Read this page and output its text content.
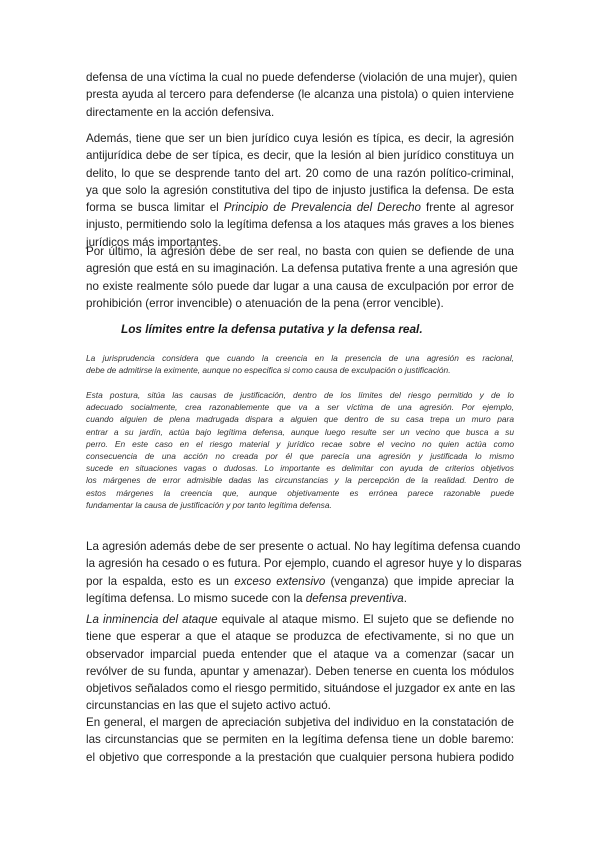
defensa de una víctima la cual no puede defenderse (violación de una mujer), quien
presta ayuda al tercero para defenderse (le alcanza una pistola) o quien interviene
directamente en la acción defensiva.
Además, tiene que ser un bien jurídico cuya lesión es típica, es decir, la agresión
antijurídica debe de ser típica, es decir, que la lesión al bien jurídico constituya un
delito, lo que se desprende tanto del art. 20 como de una razón político-criminal,
ya que solo la agresión constitutiva del tipo de injusto justifica la defensa. De esta
forma se busca limitar el Principio de Prevalencia del Derecho frente al agresor
injusto, permitiendo solo la legítima defensa a los ataques más graves a los bienes
jurídicos más importantes.
Por último, la agresión debe de ser real, no basta con quien se defiende de una
agresión que está en su imaginación. La defensa putativa frente a una agresión que
no existe realmente sólo puede dar lugar a una causa de exculpación por error de
prohibición (error invencible) o atenuación de la pena (error vencible).
Los límites entre la defensa putativa y la defensa real.
La jurisprudencia considera que cuando la creencia en la presencia de una agresión es racional,
debe de admitirse la eximente, aunque no especifica si como causa de exculpación o justificación.
Esta postura, sitúa las causas de justificación, dentro de los límites del riesgo permitido y de lo
adecuado socialmente, crea razonablemente que va a ser víctima de una agresión. Por ejemplo,
cuando alguien de plena madrugada dispara a alguien que dentro de su casa trepa un muro para
entrar a su jardín, actúa bajo legítima defensa, aunque luego resulte ser un vecino que busca a su
perro. En este caso en el riesgo material y jurídico recae sobre el vecino no quien actúa como
consecuencia de una acción no creada por él que parecía una agresión y justificada lo mismo
sucede en situaciones vagas o dudosas. Lo importante es delimitar con ayuda de criterios objetivos
los márgenes de error admisible dadas las circunstancias y la percepción de la realidad. Dentro de
estos márgenes la creencia que, aunque objetivamente es errónea parece razonable puede
fundamentar la causa de justificación y por tanto legítima defensa.
La agresión además debe de ser presente o actual. No hay legítima defensa cuando
la agresión ha cesado o es futura. Por ejemplo, cuando el agresor huye y lo disparas
por la espalda, esto es un exceso extensivo (venganza) que impide apreciar la
legítima defensa. Lo mismo sucede con la defensa preventiva.
La inminencia del ataque equivale al ataque mismo. El sujeto que se defiende no
tiene que esperar a que el ataque se produzca de efectivamente, si no que un
observador imparcial pueda entender que el ataque va a comenzar (sacar un
revólver de su funda, apuntar y amenazar). Deben tenerse en cuenta los módulos
objetivos señalados como el riesgo permitido, situándose el juzgador ex ante en las
circunstancias en las que el sujeto activo actuó.
En general, el margen de apreciación subjetiva del individuo en la constatación de
las circunstancias que se permiten en la legítima defensa tiene un doble baremo:
el objetivo que corresponde a la prestación que cualquier persona hubiera podido
